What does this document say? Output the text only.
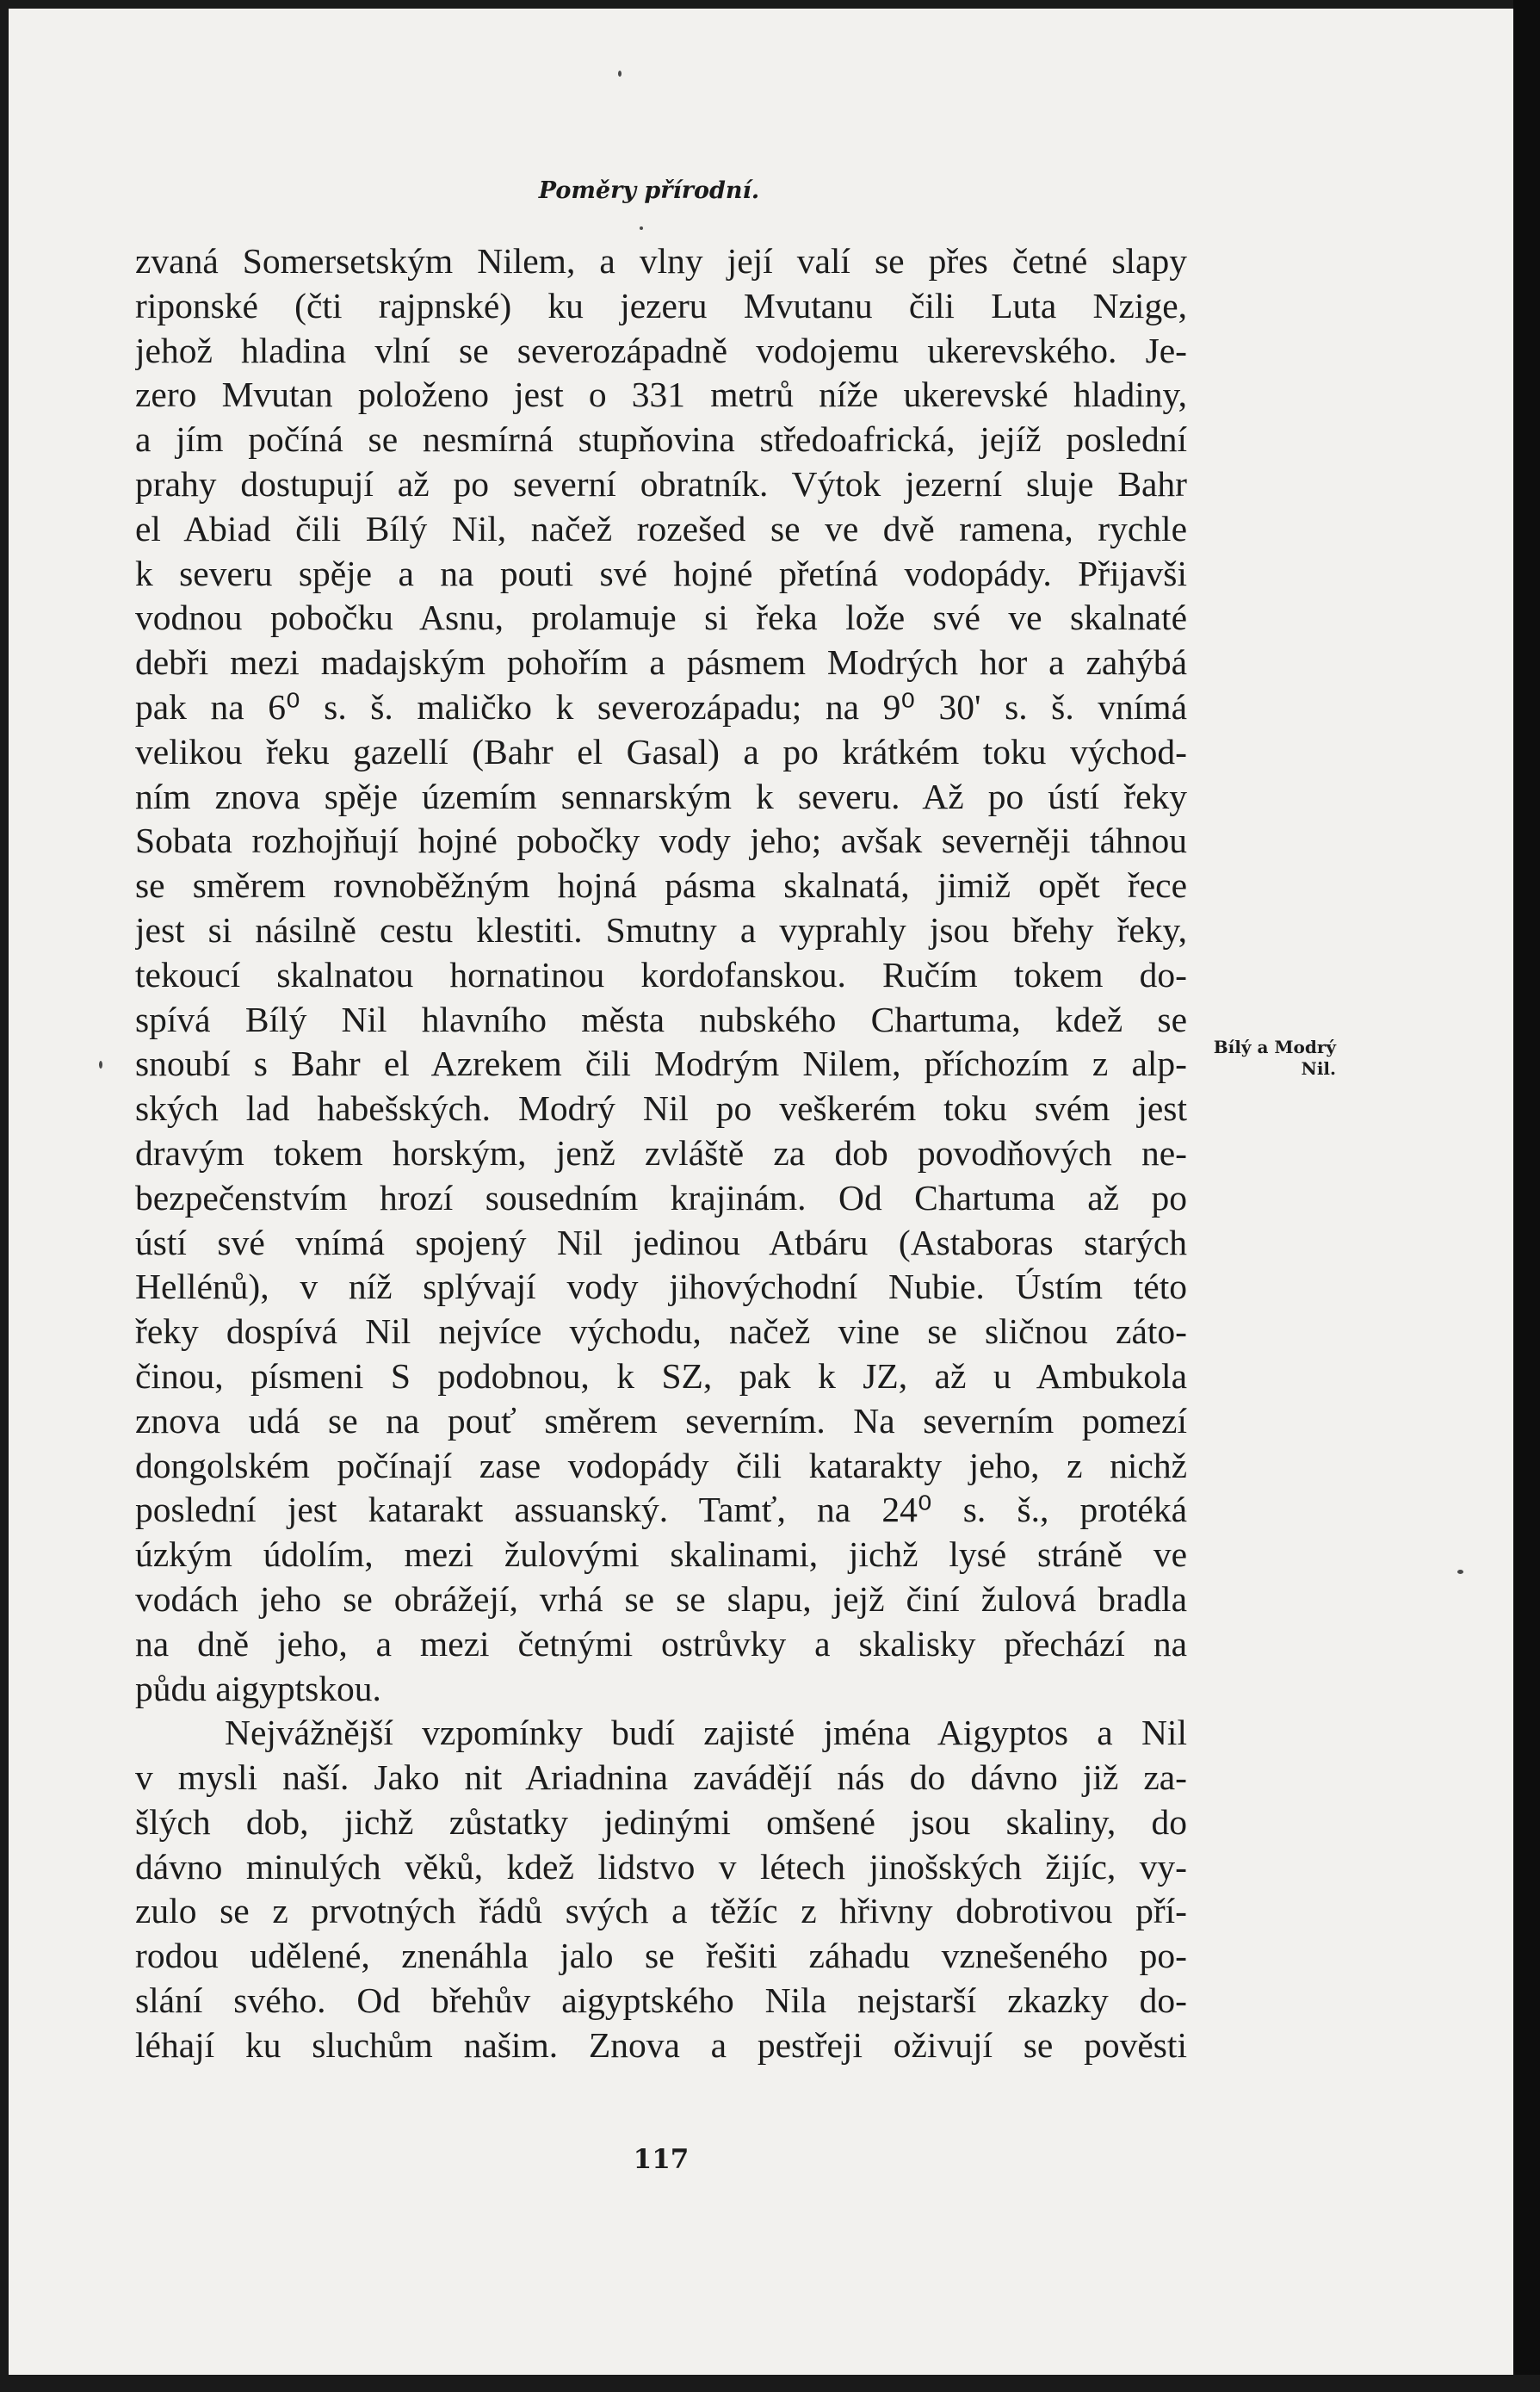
Poměry přírodní.
zvaná Somersetským Nilem, a vlny její valí se přes četné slapy
riponské (čti rajpnské) ku jezeru Mvutanu čili Luta Nzige,
jehož hladina vlní se severozápadně vodojemu ukerevského. Je-
zero Mvutan položeno jest o 331 metrů níže ukerevské hladiny,
a jím počíná se nesmírná stupňovina středoafrická, jejíž poslední
prahy dostupují až po severní obratník. Výtok jezerní sluje Bahr
el Abiad čili Bílý Nil, načež rozešed se ve dvě ramena, rychle
k severu spěje a na pouti své hojné přetíná vodopády. Přijavši
vodnou pobočku Asnu, prolamuje si řeka lože své ve skalnaté
debři mezi madajským pohořím a pásmem Modrých hor a zahýbá
pak na 6⁰ s. š. maličko k severozápadu; na 9⁰ 30' s. š. vnímá
velikou řeku gazellí (Bahr el Gasal) a po krátkém toku východ-
ním znova spěje územím sennarským k severu. Až po ústí řeky
Sobata rozhojňují hojné pobočky vody jeho; avšak severněji táhnou
se směrem rovnoběžným hojná pásma skalnatá, jimiž opět řece
jest si násilně cestu klestiti. Smutny a vyprahly jsou břehy řeky,
tekoucí skalnatou hornatinou kordofanskou. Ručím tokem do-
spívá Bílý Nil hlavního města nubského Chartuma, kdež se
snoubí s Bahr el Azrekem čili Modrým Nilem, příchozím z alp-
ských lad habešských. Modrý Nil po veškerém toku svém jest
dravým tokem horským, jenž zvláště za dob povodňových ne-
bezpečenstvím hrozí sousedním krajinám. Od Chartuma až po
ústí své vnímá spojený Nil jedinou Atbáru (Astaboras starých
Hellénů), v níž splývají vody jihovýchodní Nubie. Ústím této
řeky dospívá Nil nejvíce východu, načež vine se sličnou záto-
činou, písmeni S podobnou, k SZ, pak k JZ, až u Ambukola
znova udá se na pouť směrem severním. Na severním pomezí
dongolském počínají zase vodopády čili katarakty jeho, z nichž
poslední jest katarakt assuanský. Tamť, na 24⁰ s. š., protéká
úzkým údolím, mezi žulovými skalinami, jichž lysé stráně ve
vodách jeho se obrážejí, vrhá se se slapu, jejž činí žulová bradla
na dně jeho, a mezi četnými ostrůvky a skalisky přechází na
půdu aigyptskou.
Nejvážnější vzpomínky budí zajisté jména Aigyptos a Nil
v mysli naší. Jako nit Ariadnina zavádějí nás do dávno již za-
šlých dob, jichž zůstatky jedinými omšené jsou skaliny, do
dávno minulých věků, kdež lidstvo v létech jinošských žijíc, vy-
zulo se z prvotných řádů svých a těžíc z hřivny dobrotivou pří-
rodou udělené, znenáhla jalo se řešiti záhadu vznešeného po-
slání svého. Od břehův aigyptského Nila nejstarší zkazky do-
léhají ku sluchům našim. Znova a pestřeji oživují se pověsti
Bílý a Modrý Nil.
117
